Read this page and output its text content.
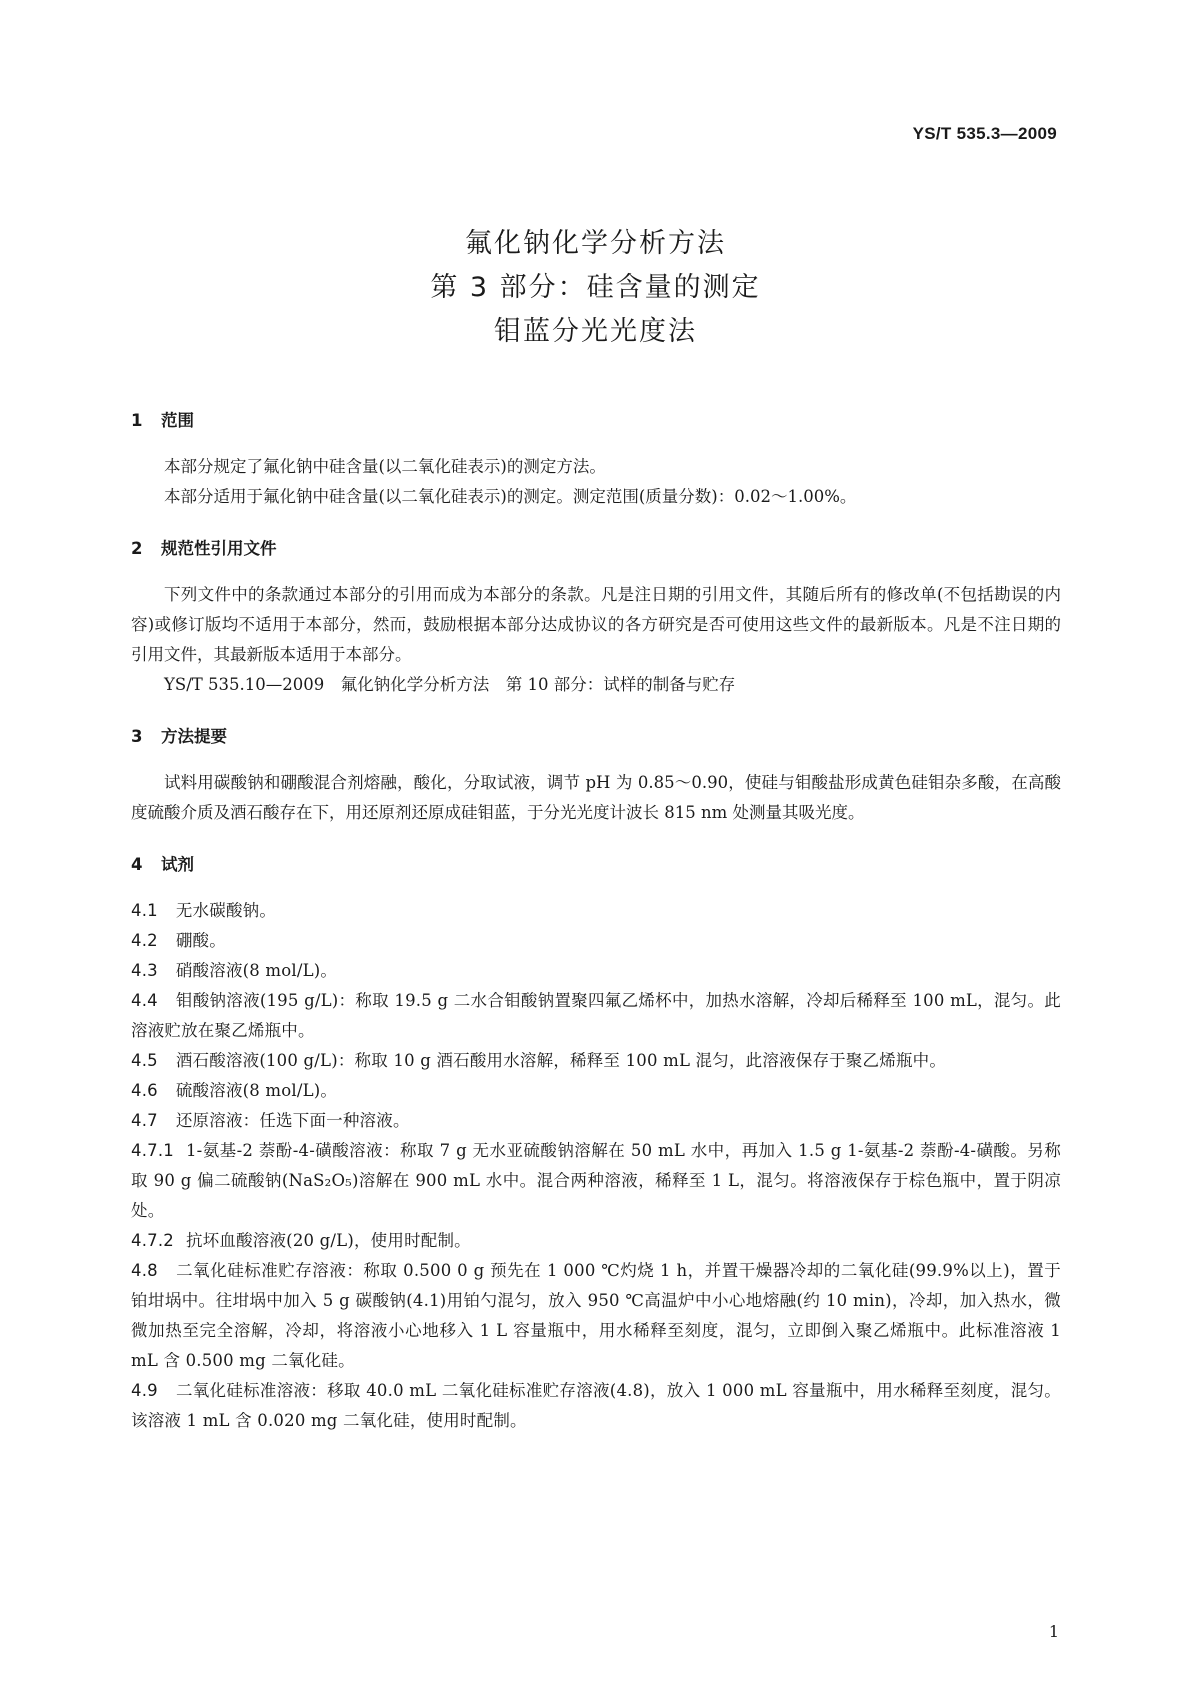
YS/T 535.3—2009
氟化钠化学分析方法
第 3 部分：硅含量的测定
钼蓝分光光度法
1 范围

本部分规定了氟化钠中硅含量(以二氧化硅表示)的测定方法。

本部分适用于氟化钠中硅含量(以二氧化硅表示)的测定。测定范围(质量分数)：0.02～1.00%。

2 规范性引用文件

下列文件中的条款通过本部分的引用而成为本部分的条款。凡是注日期的引用文件，其随后所有的修改单(不包括勘误的内容)或修订版均不适用于本部分，然而，鼓励根据本部分达成协议的各方研究是否可使用这些文件的最新版本。凡是不注日期的引用文件，其最新版本适用于本部分。

YS/T 535.10—2009　氟化钠化学分析方法　第 10 部分：试样的制备与贮存

3 方法提要

试料用碳酸钠和硼酸混合剂熔融，酸化，分取试液，调节 pH 为 0.85～0.90，使硅与钼酸盐形成黄色硅钼杂多酸，在高酸度硫酸介质及酒石酸存在下，用还原剂还原成硅钼蓝，于分光光度计波长 815 nm 处测量其吸光度。

4 试剂

4.1 无水碳酸钠。

4.2 硼酸。

4.3 硝酸溶液(8 mol/L)。

4.4 钼酸钠溶液(195 g/L)：称取 19.5 g 二水合钼酸钠置聚四氟乙烯杯中，加热水溶解，冷却后稀释至 100 mL，混匀。此溶液贮放在聚乙烯瓶中。

4.5 酒石酸溶液(100 g/L)：称取 10 g 酒石酸用水溶解，稀释至 100 mL 混匀，此溶液保存于聚乙烯瓶中。

4.6 硫酸溶液(8 mol/L)。

4.7 还原溶液：任选下面一种溶液。

4.7.1 1-氨基-2 萘酚-4-磺酸溶液：称取 7 g 无水亚硫酸钠溶解在 50 mL 水中，再加入 1.5 g 1-氨基-2 萘酚-4-磺酸。另称取 90 g 偏二硫酸钠(NaS₂O₅)溶解在 900 mL 水中。混合两种溶液，稀释至 1 L，混匀。将溶液保存于棕色瓶中，置于阴凉处。

4.7.2 抗坏血酸溶液(20 g/L)，使用时配制。

4.8 二氧化硅标准贮存溶液：称取 0.500 0 g 预先在 1 000 ℃灼烧 1 h，并置干燥器冷却的二氧化硅(99.9%以上)，置于铂坩埚中。往坩埚中加入 5 g 碳酸钠(4.1)用铂勺混匀，放入 950 ℃高温炉中小心地熔融(约 10 min)，冷却，加入热水，微微加热至完全溶解，冷却，将溶液小心地移入 1 L 容量瓶中，用水稀释至刻度，混匀，立即倒入聚乙烯瓶中。此标准溶液 1 mL 含 0.500 mg 二氧化硅。

4.9 二氧化硅标准溶液：移取 40.0 mL 二氧化硅标准贮存溶液(4.8)，放入 1 000 mL 容量瓶中，用水稀释至刻度，混匀。该溶液 1 mL 含 0.020 mg 二氧化硅，使用时配制。

1
